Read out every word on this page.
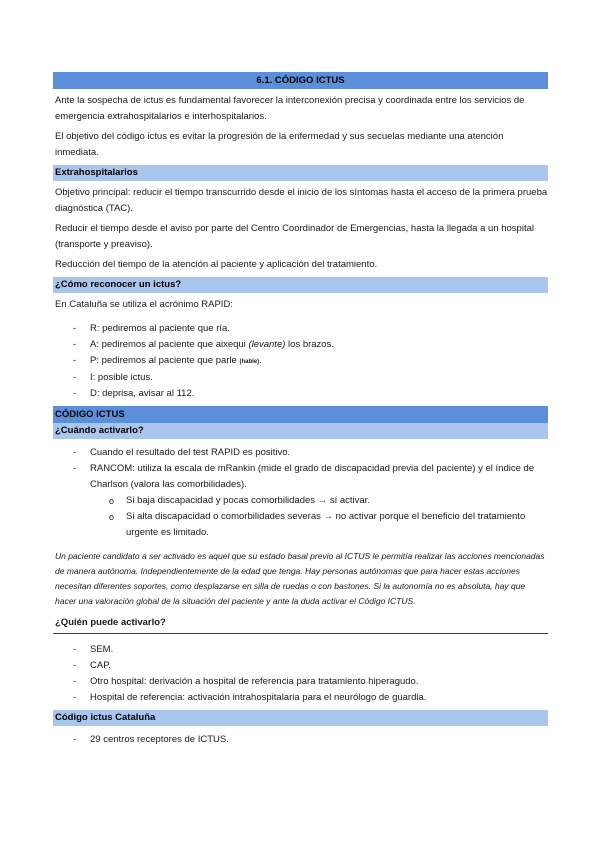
6.1. CÓDIGO ICTUS

Ante la sospecha de ictus es fundamental favorecer la interconexión precisa y coordinada entre los servicios de emergencia extrahospitalarios e interhospitalarios.

El objetivo del código ictus es evitar la progresión de la enfermedad y sus secuelas mediante una atención inmediata.

Extrahospitalarios

Objetivo principal: reducir el tiempo transcurrido desde el inicio de los síntomas hasta el acceso de la primera prueba diagnóstica (TAC).

Reducir el tiempo desde el aviso por parte del Centro Coordinador de Emergencias, hasta la llegada a un hospital (transporte y preaviso).

Reducción del tiempo de la atención al paciente y aplicación del tratamiento.

¿Cómo reconocer un ictus?

En Cataluña se utiliza el acrónimo RAPID:

- R: pediremos al paciente que ría.
- A: pediremos al paciente que aixequi (levante) los brazos.
- P: pediremos al paciente que parle (hable).
- I: posible ictus.
- D: deprisa, avisar al 112.
CÓDIGO ICTUS
¿Cuándo activarlo?
- Cuando el resultado del test RAPID es positivo.
- RANCOM: utiliza la escala de mRankin (mide el grado de discapacidad previa del paciente) y el índice de Charlson (valora las comorbilidades).
o Si baja discapacidad y pocas comorbilidades → sí activar.
o Si alta discapacidad o comorbilidades severas → no activar porque el beneficio del tratamiento urgente es limitado.

Un paciente candidato a ser activado es aquel que su estado basal previo al ICTUS le permitía realizar las acciones mencionadas de manera autónoma. Independientemente de la edad que tenga. Hay personas autónomas que para hacer estas acciones necesitan diferentes soportes, como desplazarse en silla de ruedas o con bastones. Si la autonomía no es absoluta, hay que hacer una valoración global de la situación del paciente y ante la duda activar el Código ICTUS.

¿Quién puede activarlo?
- SEM.
- CAP.
- Otro hospital: derivación a hospital de referencia para tratamiento hiperagudo.
- Hospital de referencia: activación intrahospitalaria para el neurólogo de guardia.
Código ictus Cataluña
- 29 centros receptores de ICTUS.
